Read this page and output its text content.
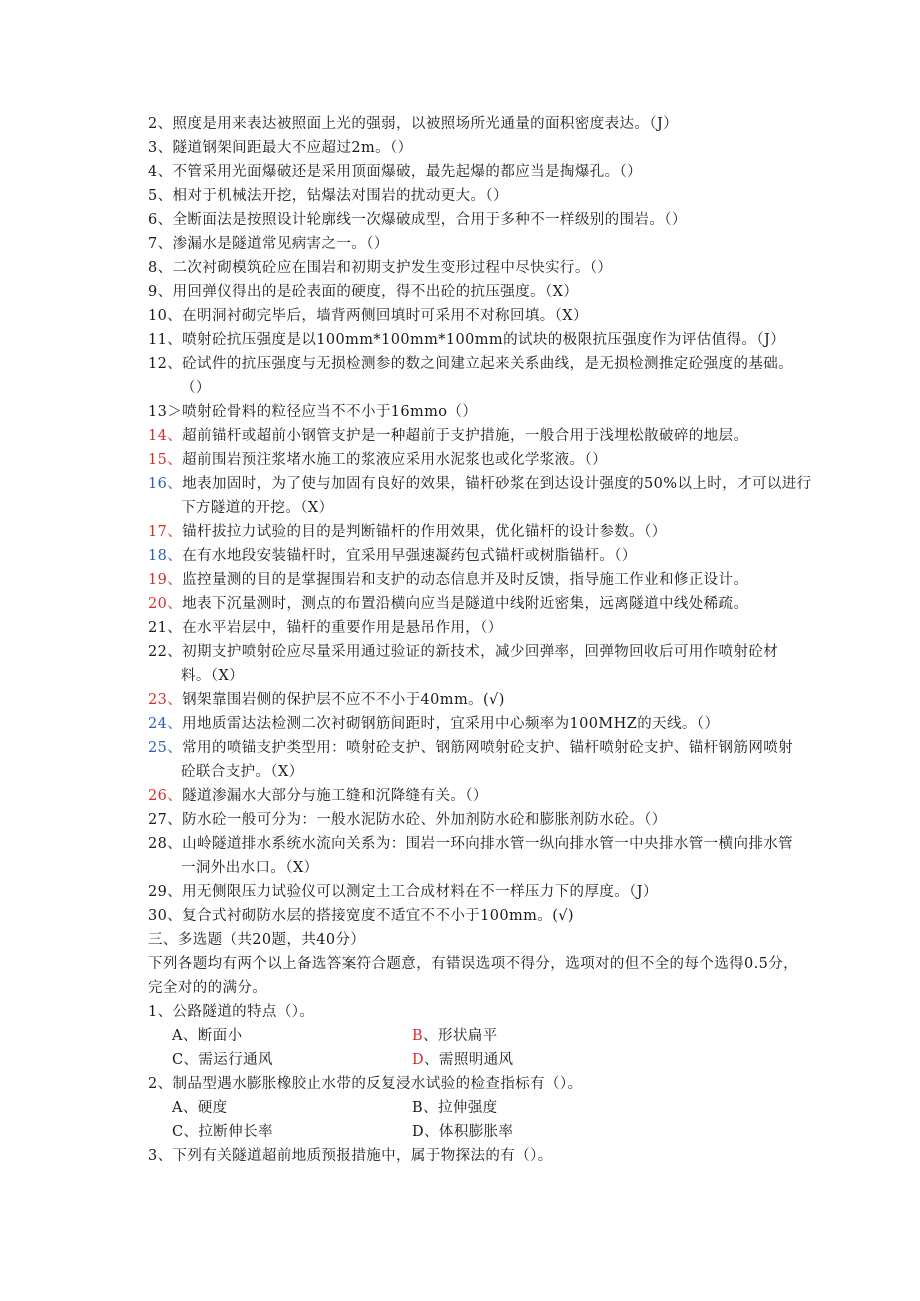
2、照度是用来表达被照面上光的强弱，以被照场所光通量的面积密度表达。（J）
3、隧道钢架间距最大不应超过2m。（）
4、不管采用光面爆破还是采用顶面爆破，最先起爆的都应当是掏爆孔。（）
5、相对于机械法开挖，钻爆法对围岩的扰动更大。（）
6、全断面法是按照设计轮廓线一次爆破成型，合用于多种不一样级别的围岩。（）
7、渗漏水是隧道常见病害之一。（）
8、二次衬砌模筑砼应在围岩和初期支护发生变形过程中尽快实行。（）
9、用回弹仪得出的是砼表面的硬度，得不出砼的抗压强度。（X）
10、在明洞衬砌完毕后，墙背两侧回填时可采用不对称回填。（X）
11、喷射砼抗压强度是以100mm*100mm*100mm的试块的极限抗压强度作为评估值得。（J）
12、砼试件的抗压强度与无损检测参的数之间建立起来关系曲线，是无损检测推定砼强度的基础。
（）
13＞喷射砼骨料的粒径应当不不小于16mmo（）
14、超前锚杆或超前小钢管支护是一种超前于支护措施，一般合用于浅埋松散破碎的地层。
15、超前围岩预注浆堵水施工的浆液应采用水泥浆也或化学浆液。（）
16、地表加固时，为了使与加固有良好的效果，锚杆砂浆在到达设计强度的50%以上时，才可以进行
下方隧道的开挖。（X）
17、锚杆拔拉力试验的目的是判断锚杆的作用效果，优化锚杆的设计参数。（）
18、在有水地段安装锚杆时，宜采用早强速凝药包式锚杆或树脂锚杆。（）
19、监控量测的目的是掌握围岩和支护的动态信息并及时反馈，指导施工作业和修正设计。
20、地表下沉量测时，测点的布置沿横向应当是隧道中线附近密集，远离隧道中线处稀疏。
21、在水平岩层中，锚杆的重要作用是悬吊作用，（）
22、初期支护喷射砼应尽量采用通过验证的新技术，减少回弹率，回弹物回收后可用作喷射砼材
料。（X）
23、钢架靠围岩侧的保护层不应不不小于40mm。(√)
24、用地质雷达法检测二次衬砌钢筋间距时，宜采用中心频率为100MHZ的天线。（）
25、常用的喷锚支护类型用：喷射砼支护、钢筋网喷射砼支护、锚杆喷射砼支护、锚杆钢筋网喷射
砼联合支护。（X）
26、隧道渗漏水大部分与施工缝和沉降缝有关。（）
27、防水砼一般可分为：一般水泥防水砼、外加剂防水砼和膨胀剂防水砼。（）
28、山岭隧道排水系统水流向关系为：围岩一环向排水管一纵向排水管一中央排水管一横向排水管
一洞外出水口。（X）
29、用无侧限压力试验仪可以测定土工合成材料在不一样压力下的厚度。（J）
30、复合式衬砌防水层的搭接宽度不适宜不不小于100mm。(√)
三、多选题（共20题，共40分）
下列各题均有两个以上备选答案符合题意，有错误选项不得分，选项对的但不全的每个选得0.5分，
完全对的的满分。
1、公路隧道的特点（）。
A、断面小	B、形状扁平
C、需运行通风	D、需照明通风
2、制品型遇水膨胀橡胶止水带的反复浸水试验的检查指标有（）。
A、硬度	B、拉伸强度
C、拉断伸长率	D、体积膨胀率
3、下列有关隧道超前地质预报措施中，属于物探法的有（）。
